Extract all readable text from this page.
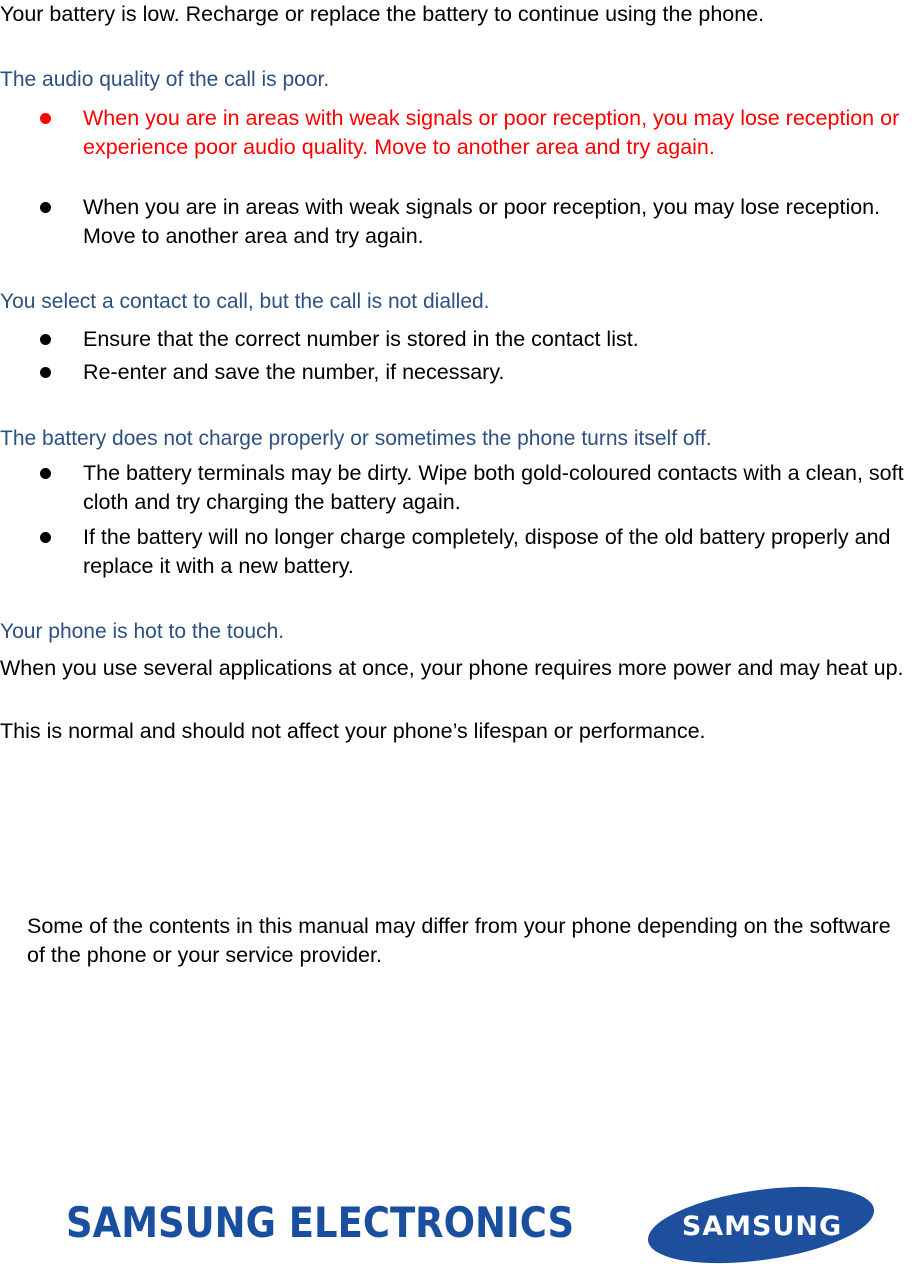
Your battery is low. Recharge or replace the battery to continue using the phone.
The audio quality of the call is poor.
When you are in areas with weak signals or poor reception, you may lose reception or experience poor audio quality. Move to another area and try again.
When you are in areas with weak signals or poor reception, you may lose reception. Move to another area and try again.
You select a contact to call, but the call is not dialled.
Ensure that the correct number is stored in the contact list.
Re-enter and save the number, if necessary.
The battery does not charge properly or sometimes the phone turns itself off.
The battery terminals may be dirty. Wipe both gold-coloured contacts with a clean, soft cloth and try charging the battery again.
If the battery will no longer charge completely, dispose of the old battery properly and replace it with a new battery.
Your phone is hot to the touch.
When you use several applications at once, your phone requires more power and may heat up.
This is normal and should not affect your phone’s lifespan or performance.
Some of the contents in this manual may differ from your phone depending on the software of the phone or your service provider.
SAMSUNG ELECTRONICS	SAMSUNG
